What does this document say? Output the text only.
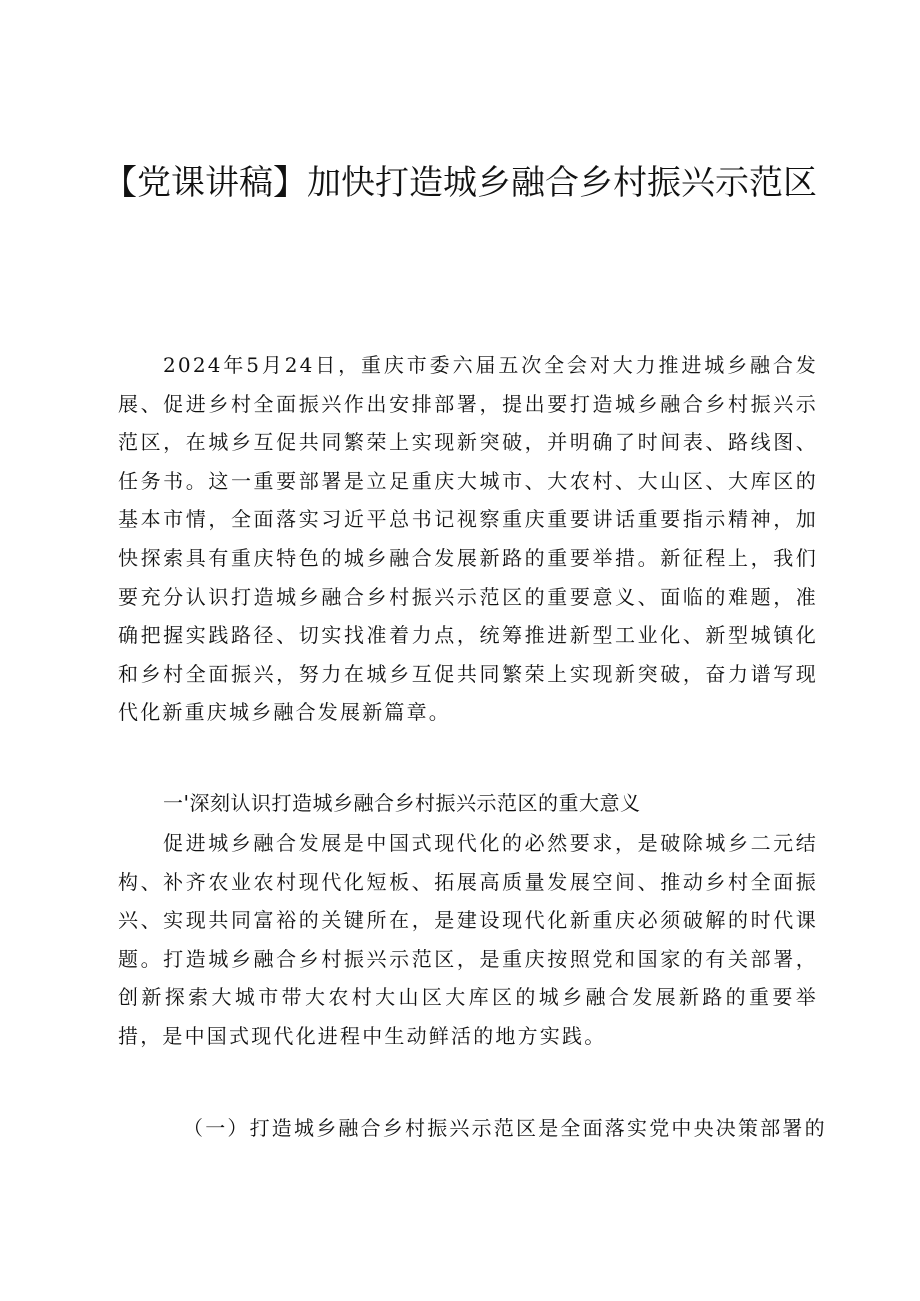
【党课讲稿】加快打造城乡融合乡村振兴示范区

2024年5月24日，重庆市委六届五次全会对大力推进城乡融合发展、促进乡村全面振兴作出安排部署，提出要打造城乡融合乡村振兴示范区，在城乡互促共同繁荣上实现新突破，并明确了时间表、路线图、任务书。这一重要部署是立足重庆大城市、大农村、大山区、大库区的基本市情，全面落实习近平总书记视察重庆重要讲话重要指示精神，加快探索具有重庆特色的城乡融合发展新路的重要举措。新征程上，我们要充分认识打造城乡融合乡村振兴示范区的重要意义、面临的难题，准确把握实践路径、切实找准着力点，统筹推进新型工业化、新型城镇化和乡村全面振兴，努力在城乡互促共同繁荣上实现新突破，奋力谱写现代化新重庆城乡融合发展新篇章。

一'深刻认识打造城乡融合乡村振兴示范区的重大意义

促进城乡融合发展是中国式现代化的必然要求，是破除城乡二元结构、补齐农业农村现代化短板、拓展高质量发展空间、推动乡村全面振兴、实现共同富裕的关键所在，是建设现代化新重庆必须破解的时代课题。打造城乡融合乡村振兴示范区，是重庆按照党和国家的有关部署，创新探索大城市带大农村大山区大库区的城乡融合发展新路的重要举措，是中国式现代化进程中生动鲜活的地方实践。

（一）打造城乡融合乡村振兴示范区是全面落实党中央决策部署的
